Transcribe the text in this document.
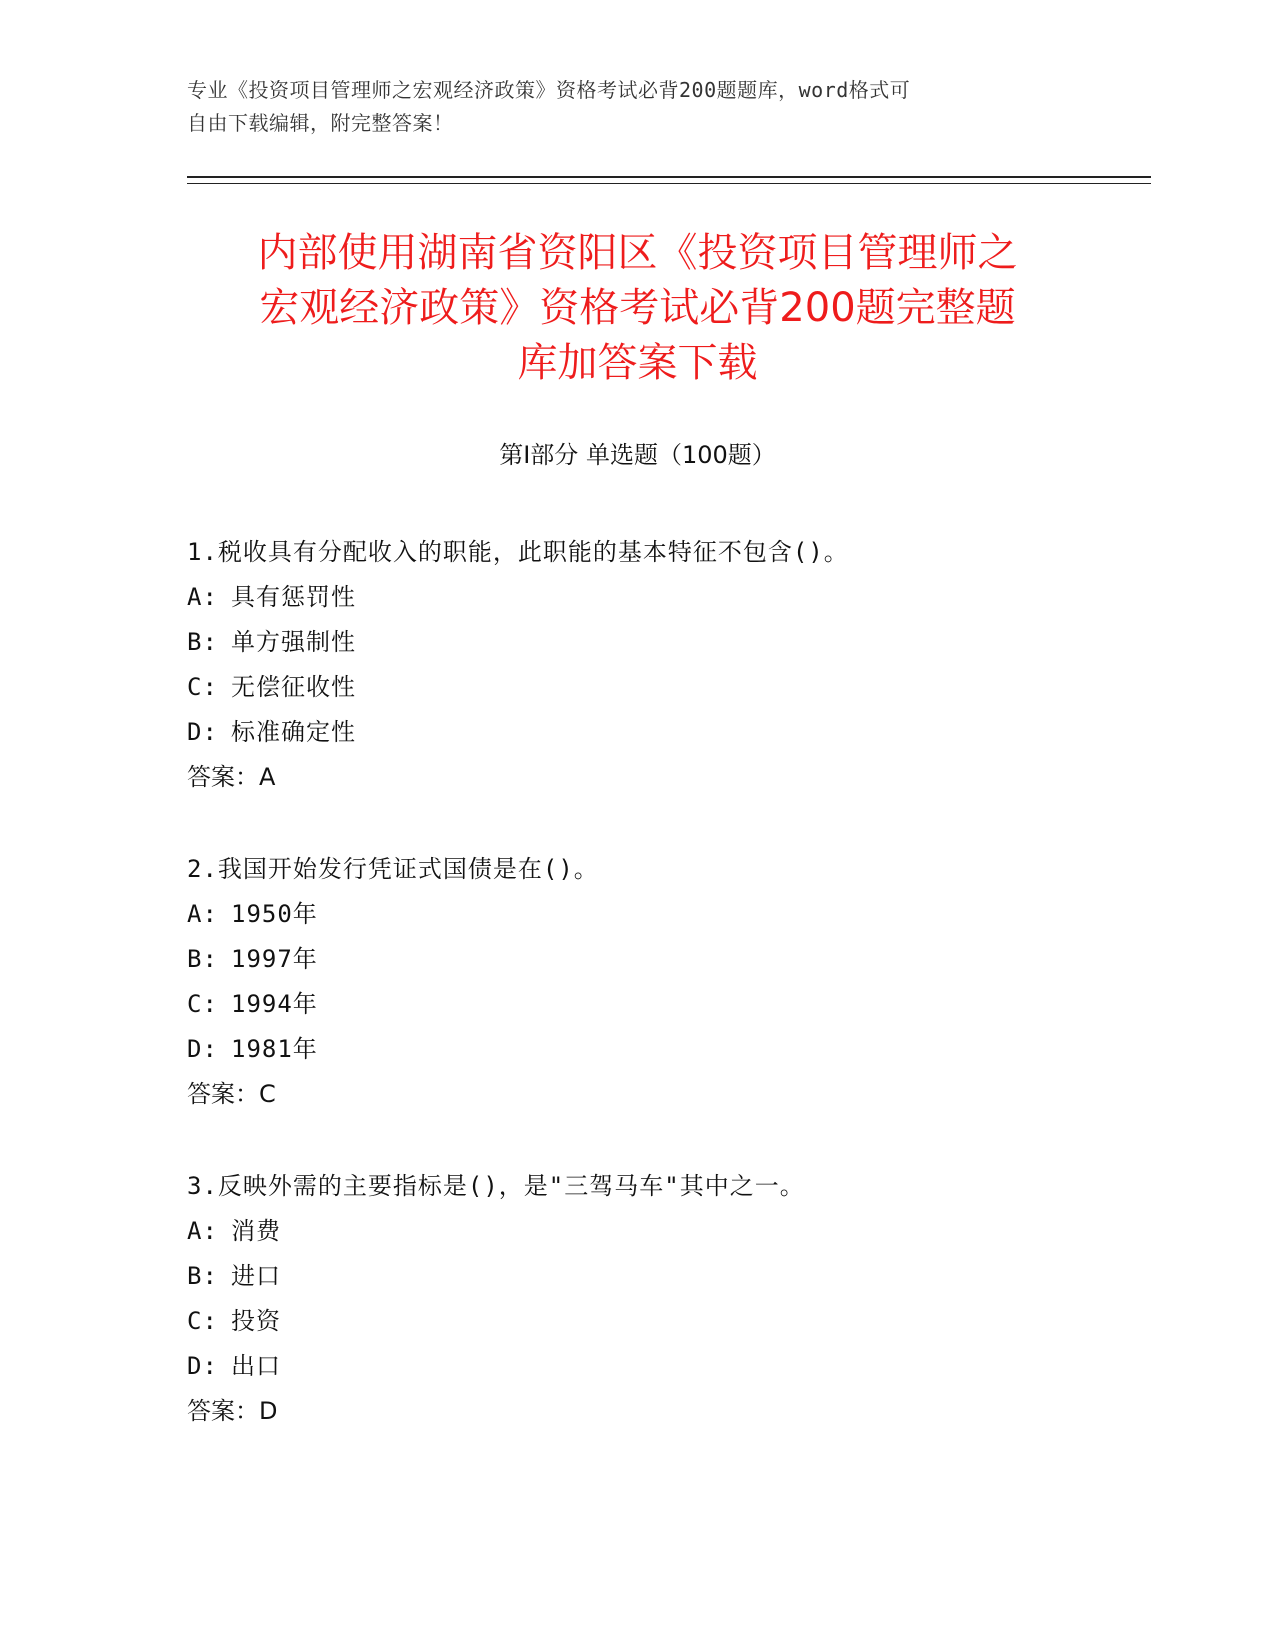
专业《投资项目管理师之宏观经济政策》资格考试必背200题题库，word格式可
自由下载编辑，附完整答案！
内部使用湖南省资阳区《投资项目管理师之
宏观经济政策》资格考试必背200题完整题
库加答案下载
第Ⅰ部分 单选题（100题）
1.税收具有分配收入的职能，此职能的基本特征不包含()。
A: 具有惩罚性
B: 单方强制性
C: 无偿征收性
D: 标准确定性
答案：A
2.我国开始发行凭证式国债是在()。
A: 1950年
B: 1997年
C: 1994年
D: 1981年
答案：C
3.反映外需的主要指标是()，是"三驾马车"其中之一。
A: 消费
B: 进口
C: 投资
D: 出口
答案：D
